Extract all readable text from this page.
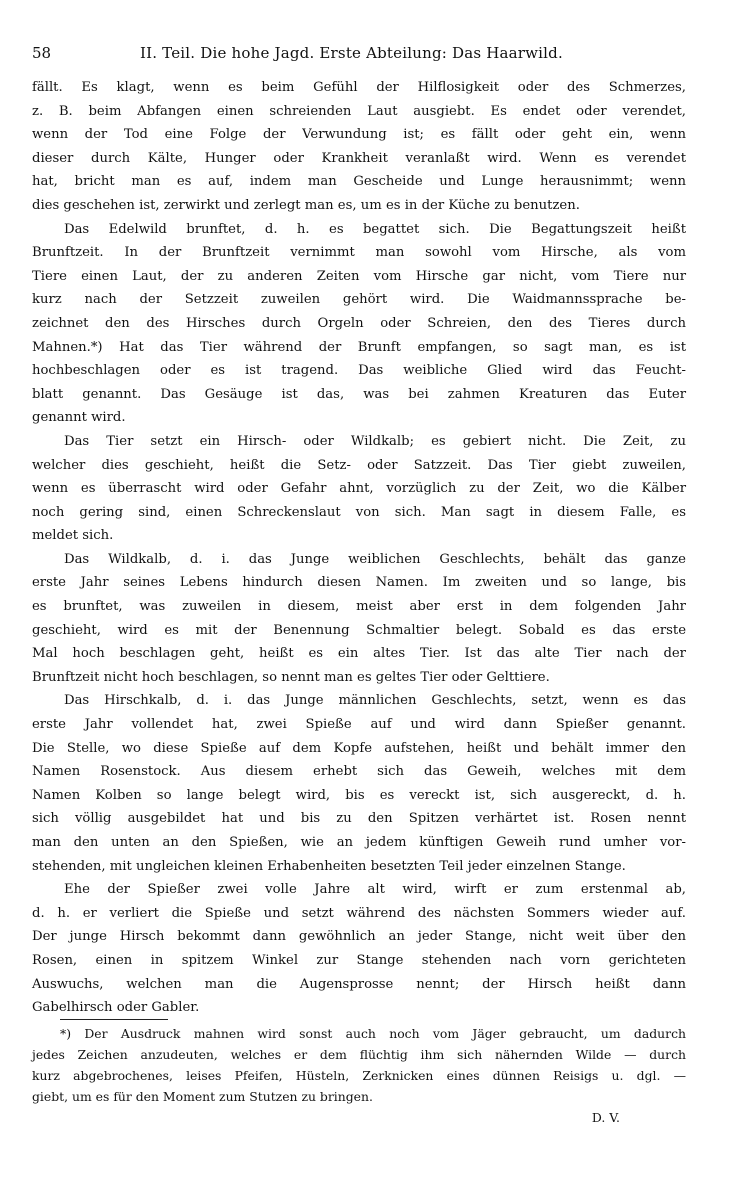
58	II. Teil. Die hohe Jagd. Erste Abteilung: Das Haarwild.

fällt. Es klagt, wenn es beim Gefühl der Hilflosigkeit oder des Schmerzes,

z. B. beim Abfangen einen schreienden Laut ausgiebt. Es endet oder verendet,

wenn der Tod eine Folge der Verwundung ist; es fällt oder geht ein, wenn

dieser durch Kälte, Hunger oder Krankheit veranlaßt wird. Wenn es verendet

hat, bricht man es auf, indem man Gescheide und Lunge herausnimmt; wenn

dies geschehen ist, zerwirkt und zerlegt man es, um es in der Küche zu benutzen.

Das Edelwild brunftet, d. h. es begattet sich. Die Begattungszeit heißt

Brunftzeit. In der Brunftzeit vernimmt man sowohl vom Hirsche, als vom

Tiere einen Laut, der zu anderen Zeiten vom Hirsche gar nicht, vom Tiere nur

kurz nach der Setzzeit zuweilen gehört wird. Die Waidmannssprache be-

zeichnet den des Hirsches durch Orgeln oder Schreien, den des Tieres durch

Mahnen.*) Hat das Tier während der Brunft empfangen, so sagt man, es ist

hochbeschlagen oder es ist tragend. Das weibliche Glied wird das Feucht-

blatt genannt. Das Gesäuge ist das, was bei zahmen Kreaturen das Euter

genannt wird.

Das Tier setzt ein Hirsch- oder Wildkalb; es gebiert nicht. Die Zeit, zu

welcher dies geschieht, heißt die Setz- oder Satzzeit. Das Tier giebt zuweilen,

wenn es überrascht wird oder Gefahr ahnt, vorzüglich zu der Zeit, wo die Kälber

noch gering sind, einen Schreckenslaut von sich. Man sagt in diesem Falle, es

meldet sich.

Das Wildkalb, d. i. das Junge weiblichen Geschlechts, behält das ganze

erste Jahr seines Lebens hindurch diesen Namen. Im zweiten und so lange, bis

es brunftet, was zuweilen in diesem, meist aber erst in dem folgenden Jahr

geschieht, wird es mit der Benennung Schmaltier belegt. Sobald es das erste

Mal hoch beschlagen geht, heißt es ein altes Tier. Ist das alte Tier nach der

Brunftzeit nicht hoch beschlagen, so nennt man es geltes Tier oder Gelttiere.

Das Hirschkalb, d. i. das Junge männlichen Geschlechts, setzt, wenn es das

erste Jahr vollendet hat, zwei Spieße auf und wird dann Spießer genannt.

Die Stelle, wo diese Spieße auf dem Kopfe aufstehen, heißt und behält immer den

Namen Rosenstock. Aus diesem erhebt sich das Geweih, welches mit dem

Namen Kolben so lange belegt wird, bis es vereckt ist, sich ausgereckt, d. h.

sich völlig ausgebildet hat und bis zu den Spitzen verhärtet ist. Rosen nennt

man den unten an den Spießen, wie an jedem künftigen Geweih rund umher vor-

stehenden, mit ungleichen kleinen Erhabenheiten besetzten Teil jeder einzelnen Stange.

Ehe der Spießer zwei volle Jahre alt wird, wirft er zum erstenmal ab,

d. h. er verliert die Spieße und setzt während des nächsten Sommers wieder auf.

Der junge Hirsch bekommt dann gewöhnlich an jeder Stange, nicht weit über den

Rosen, einen in spitzem Winkel zur Stange stehenden nach vorn gerichteten

Auswuchs, welchen man die Augensprosse nennt; der Hirsch heißt dann

Gabelhirsch oder Gabler.

*) Der Ausdruck mahnen wird sonst auch noch vom Jäger gebraucht, um dadurch

jedes Zeichen anzudeuten, welches er dem flüchtig ihm sich nähernden Wilde — durch

kurz abgebrochenes, leises Pfeifen, Hüsteln, Zerknicken eines dünnen Reisigs u. dgl. —

giebt, um es für den Moment zum Stutzen zu bringen.

D. V.
